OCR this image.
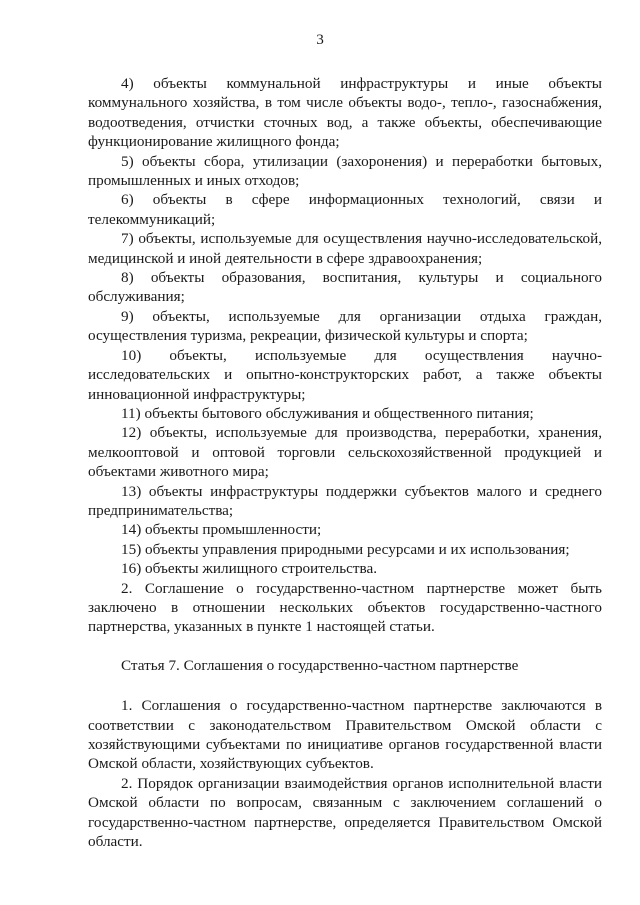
3

4) объекты коммунальной инфраструктуры и иные объекты коммунального хозяйства, в том числе объекты водо-, тепло-, газоснабжения, водоотведения, отчистки сточных вод, а также объекты, обеспечивающие функционирование жилищного фонда;

5) объекты сбора, утилизации (захоронения) и переработки бытовых, промышленных и иных отходов;

6) объекты в сфере информационных технологий, связи и телекоммуникаций;

7) объекты, используемые для осуществления научно-исследовательской, медицинской и иной деятельности в сфере здравоохранения;

8) объекты образования, воспитания, культуры и социального обслуживания;

9) объекты, используемые для организации отдыха граждан, осуществления туризма, рекреации, физической культуры и спорта;

10) объекты, используемые для осуществления научно-исследовательских и опытно-конструкторских работ, а также объекты инновационной инфраструктуры;

11) объекты бытового обслуживания и общественного питания;

12) объекты, используемые для производства, переработки, хранения, мелкооптовой и оптовой торговли сельскохозяйственной продукцией и объектами животного мира;

13) объекты инфраструктуры поддержки субъектов малого и среднего предпринимательства;

14) объекты промышленности;

15) объекты управления природными ресурсами и их использования;

16) объекты жилищного строительства.

2. Соглашение о государственно-частном партнерстве может быть заключено в отношении нескольких объектов государственно-частного партнерства, указанных в пункте 1 настоящей статьи.

Статья 7. Соглашения о государственно-частном партнерстве

1. Соглашения о государственно-частном партнерстве заключаются в соответствии с законодательством Правительством Омской области с хозяйствующими субъектами по инициативе органов государственной власти Омской области, хозяйствующих субъектов.

2. Порядок организации взаимодействия органов исполнительной власти Омской области по вопросам, связанным с заключением соглашений о государственно-частном партнерстве, определяется Правительством Омской области.
